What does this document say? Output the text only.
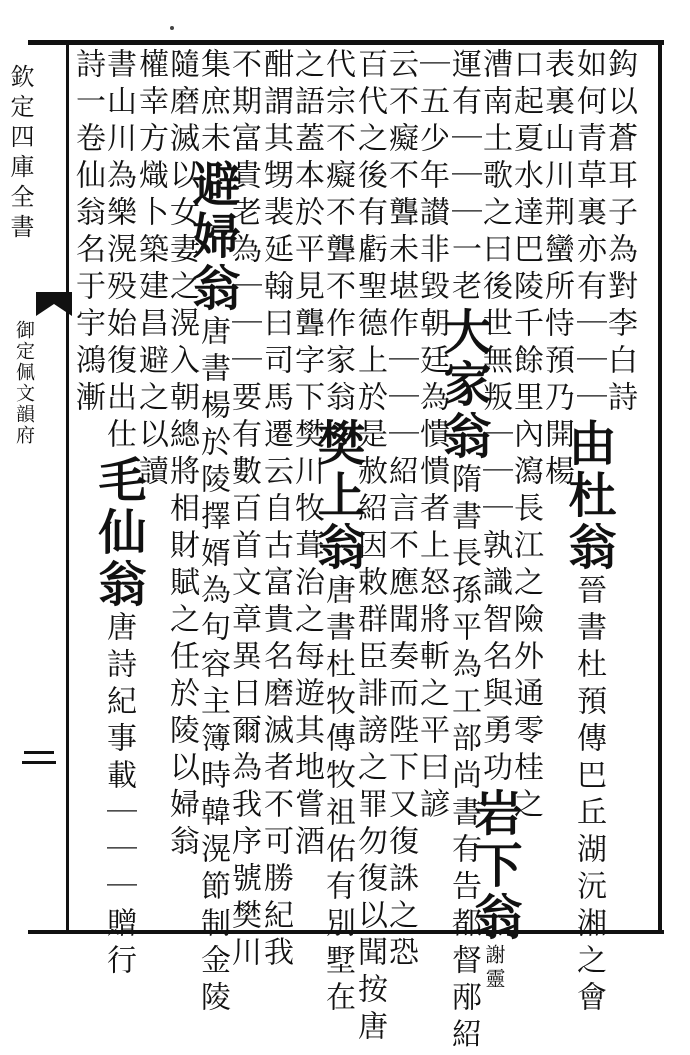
欽定四庫全書
御定佩文韻府	鈎以蒼耳子為對李白詩
如何青草裏亦有｜｜｜由杜翁晉書杜預傳巴丘湖沅湘之會
表裏山川荆蠻所恃預乃開楊
口起夏水達巴陵千餘里內瀉長江之險外通零桂之
漕南土歌之曰後世無叛｜｜｜孰識智名與勇功岩下翁謝靈
運有｜｜｜一老大家翁隋書長孫平為工部尚書有告都督邴紹
｜五少年讃非毀朝廷為憒憒者上怒將斬之平曰諺
云不癡不聾未堪作｜｜｜紹言不應聞奏而陛下又復誅之恐
百代之後有虧聖德上於是赦紹因敕群臣誹謗之罪勿復以聞按唐
代宗不癡不聾不作家翁樊上翁唐書杜牧傳牧祖佑有別墅在
之語蓋本於平見聾字下樊川牧葺治之每遊其地嘗酒
酣謂其甥裴延翰曰司馬遷云自古富貴名磨滅者不可勝紀我
不期富貴老為｜｜｜要有數百首文章異日爾為我序號樊川
集庶未避婦翁唐書楊於陵擇婿為句容主簿時韓滉節制金陵
隨磨滅以女妻之滉入朝總將相財賦之任於陵以婦翁
權幸方熾卜築建昌避之以讀
書山川為樂滉殁始復出仕毛仙翁唐詩紀事載｜｜｜贈行
詩一卷仙翁名于宇鴻漸
